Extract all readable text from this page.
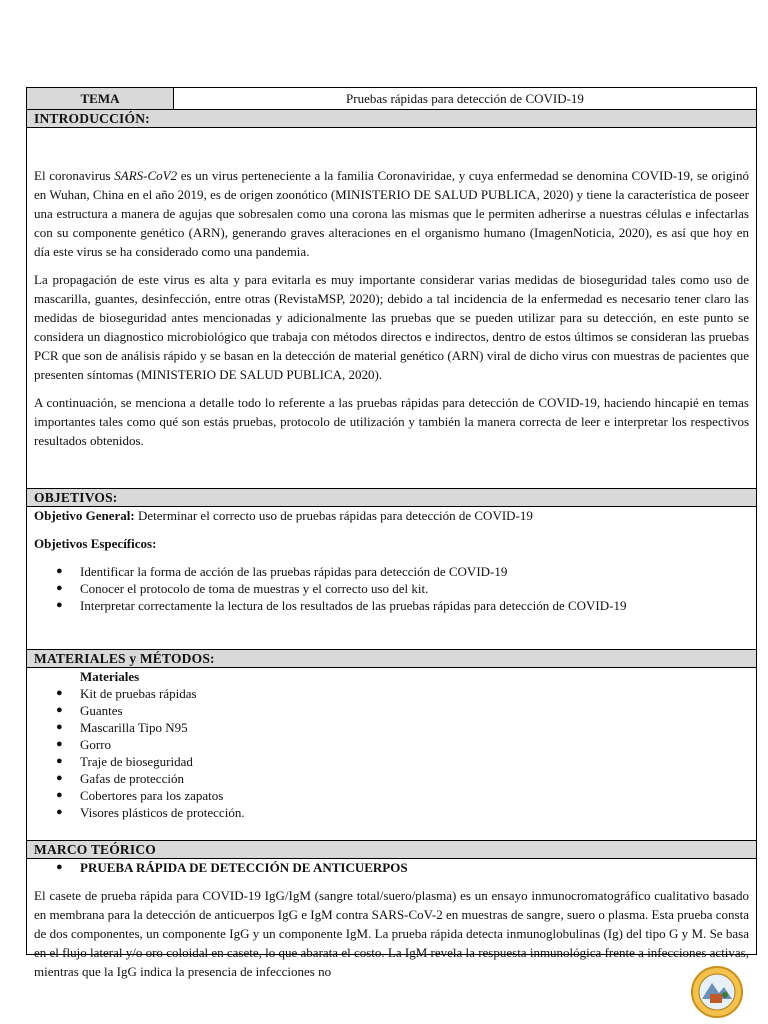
TEMA	Pruebas rápidas para detección de COVID-19
INTRODUCCIÓN:

El coronavirus SARS-CoV2 es un virus perteneciente a la familia Coronaviridae, y cuya enfermedad se denomina COVID-19, se originó en Wuhan, China en el año 2019, es de origen zoonótico (MINISTERIO DE SALUD PUBLICA, 2020) y tiene la característica de poseer una estructura a manera de agujas que sobresalen como una corona las mismas que le permiten adherirse a nuestras células e infectarlas con su componente genético (ARN), generando graves alteraciones en el organismo humano (ImagenNoticia, 2020), es así que hoy en día este virus se ha considerado como una pandemia.

La propagación de este virus es alta y para evitarla es muy importante considerar varias medidas de bioseguridad tales como uso de mascarilla, guantes, desinfección, entre otras (RevistaMSP, 2020); debido a tal incidencia de la enfermedad es necesario tener claro las medidas de bioseguridad antes mencionadas y adicionalmente las pruebas que se pueden utilizar para su detección, en este punto se considera un diagnostico microbiológico que trabaja con métodos directos e indirectos, dentro de estos últimos se consideran las pruebas PCR que son de análisis rápido y se basan en la detección de material genético (ARN) viral de dicho virus con muestras de pacientes que presenten síntomas (MINISTERIO DE SALUD PUBLICA, 2020).

A continuación, se menciona a detalle todo lo referente a las pruebas rápidas para detección de COVID-19, haciendo hincapié en temas importantes tales como qué son estás pruebas, protocolo de utilización y también la manera correcta de leer e interpretar los respectivos resultados obtenidos.

OBJETIVOS:

Objetivo General: Determinar el correcto uso de pruebas rápidas para detección de COVID-19

Objetivos Específicos:

● Identificar la forma de acción de las pruebas rápidas para detección de COVID-19
● Conocer el protocolo de toma de muestras y el correcto uso del kit.
● Interpretar correctamente la lectura de los resultados de las pruebas rápidas para detección de COVID-19
MATERIALES y MÉTODOS:

Materiales

● Kit de pruebas rápidas
● Guantes
● Mascarilla Tipo N95
● Gorro
● Traje de bioseguridad
● Gafas de protección
● Cobertores para los zapatos
● Visores plásticos de protección.
MARCO TEÓRICO
● PRUEBA RÁPIDA DE DETECCIÓN DE ANTICUERPOS

El casete de prueba rápida para COVID-19 IgG/IgM (sangre total/suero/plasma) es un ensayo inmunocromatográfico cualitativo basado en membrana para la detección de anticuerpos IgG e IgM contra SARS-CoV-2 en muestras de sangre, suero o plasma. Esta prueba consta de dos componentes, un componente IgG y un componente IgM. La prueba rápida detecta inmunoglobulinas (Ig) del tipo G y M. Se basa en el flujo lateral y/o oro coloidal en casete, lo que abarata el costo. La IgM revela la respuesta inmunológica frente a infecciones activas, mientras que la IgG indica la presencia de infecciones no
